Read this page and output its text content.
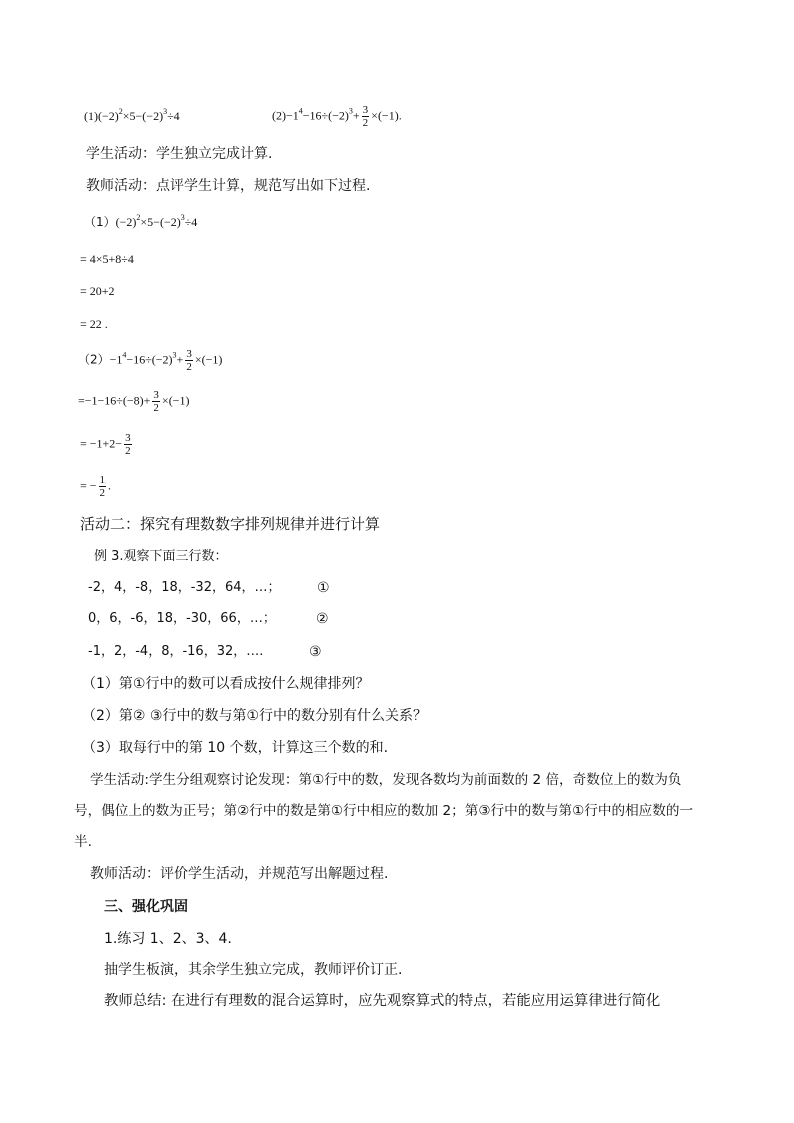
$(1)(-2)^2\times 5-(-2)^3\div 4$	$(2)-1^4-16\div(-2)^3+ \frac{3}{2} \times(-1)$.
学生活动：学生独立完成计算.
教师活动：点评学生计算，规范写出如下过程.
$(1)(-2)^2\times 5-(-2)^3\div 4$
= 4×5+8÷4
= 20+2
= 22 .
$(2)-1^4-16\div(-2)^3+ \frac{3}{2} \times(-1)$
$=-1-16\div(-8)+ \frac{3}{2} \times(-1)$
= $-1+2- \frac{3}{2}$
= − $\frac{1}{2}$ .
活动二：探究有理数数字排列规律并进行计算
例 3.观察下面三行数：
-2，4，-8，18，-32，64，…；	①
0，6，-6，18，-30，66，…；	②
-1，2，-4，8，-16，32，….	③
（1）第①行中的数可以看成按什么规律排列？
（2）第② ③行中的数与第①行中的数分别有什么关系？
（3）取每行中的第 10 个数，计算这三个数的和.
学生活动:学生分组观察讨论发现：第①行中的数，发现各数均为前面数的 2 倍，奇数位上的数为负
号，偶位上的数为正号；第②行中的数是第①行中相应的数加 2；第③行中的数与第①行中的相应数的一
半.
教师活动：评价学生活动，并规范写出解题过程.
三、强化巩固
1.练习 1、2、3、4.
抽学生板演，其余学生独立完成，教师评价订正.
教师总结: 在进行有理数的混合运算时，应先观察算式的特点，若能应用运算律进行简化
